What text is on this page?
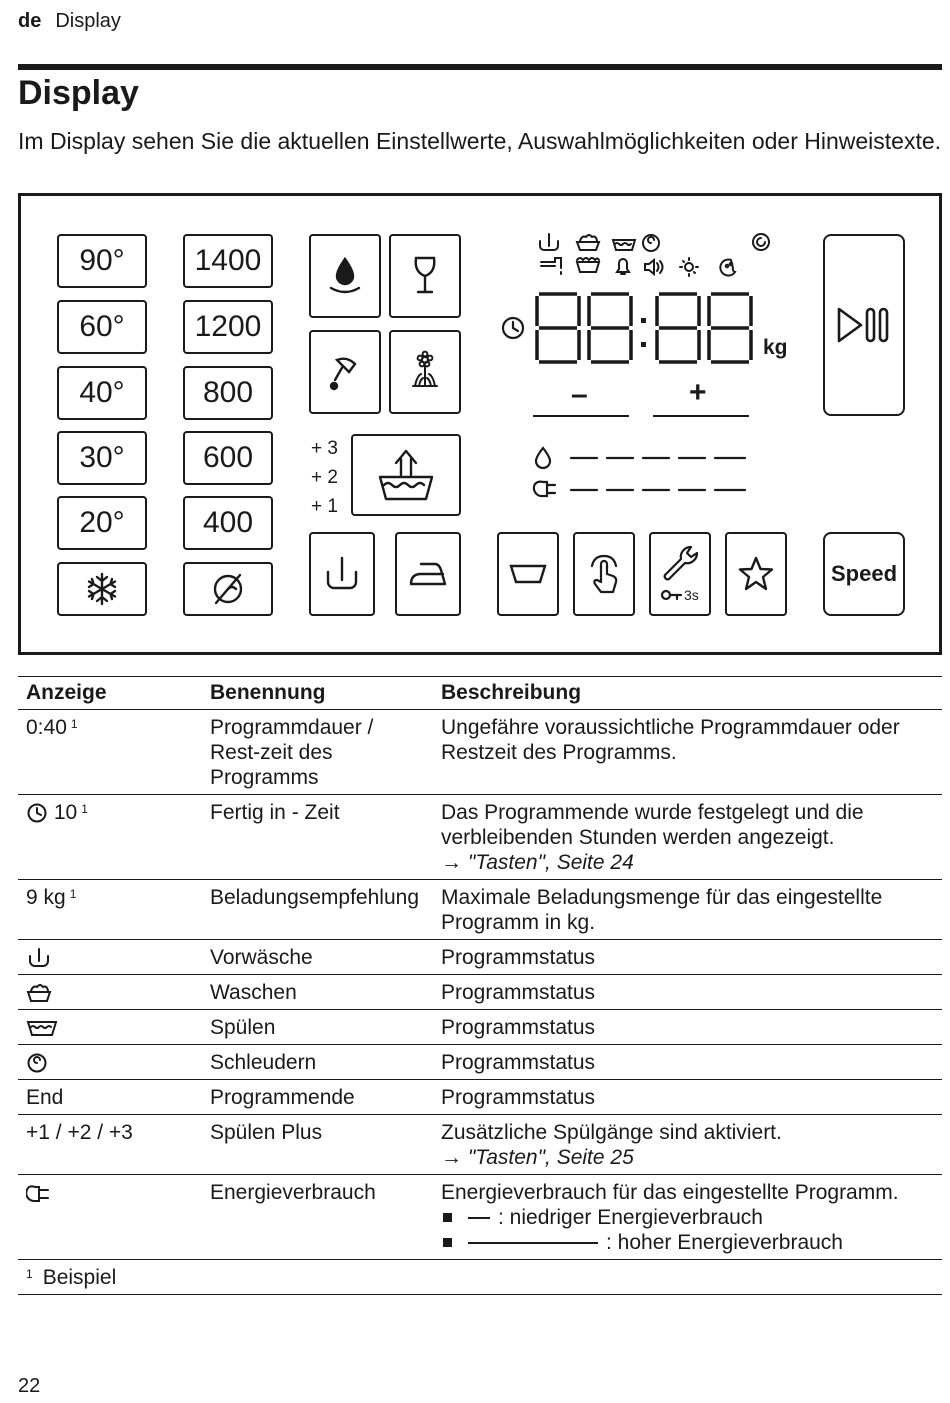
de Display
Display

Im Display sehen Sie die aktuellen Einstellwerte, Auswahlmöglichkeiten oder Hinweistexte.

90°
60°
40°
30°
20°
1400
1200
800
600
400
+ 3
+ 2
+ 1
3s
kg
–	+
Speed
Anzeige	Benennung	Beschreibung
0:40 $^1$	Programmdauer / Rest-zeit des Programms	Ungefähre voraussichtliche Programmdauer oder Restzeit des Programms.
10 $^1$	Fertig in - Zeit	Das Programmende wurde festgelegt und die verbleibenden Stunden werden angezeigt.
→ "Tasten", Seite 24

9 kg $^1$	Beladungsempfehlung	Maximale Beladungsmenge für das eingestellte Programm in kg.
	Vorwäsche	Programmstatus
	Waschen	Programmstatus
	Spülen	Programmstatus
	Schleudern	Programmstatus
End	Programmende	Programmstatus
+1 / +2 / +3	Spülen Plus	Zusätzliche Spülgänge sind aktiviert.
→ "Tasten", Seite 25

	Energieverbrauch	Energieverbrauch für das eingestellte Programm.
: niedriger Energieverbrauch
: hoher Energieverbrauch

$^1$ Beispiel		
22
